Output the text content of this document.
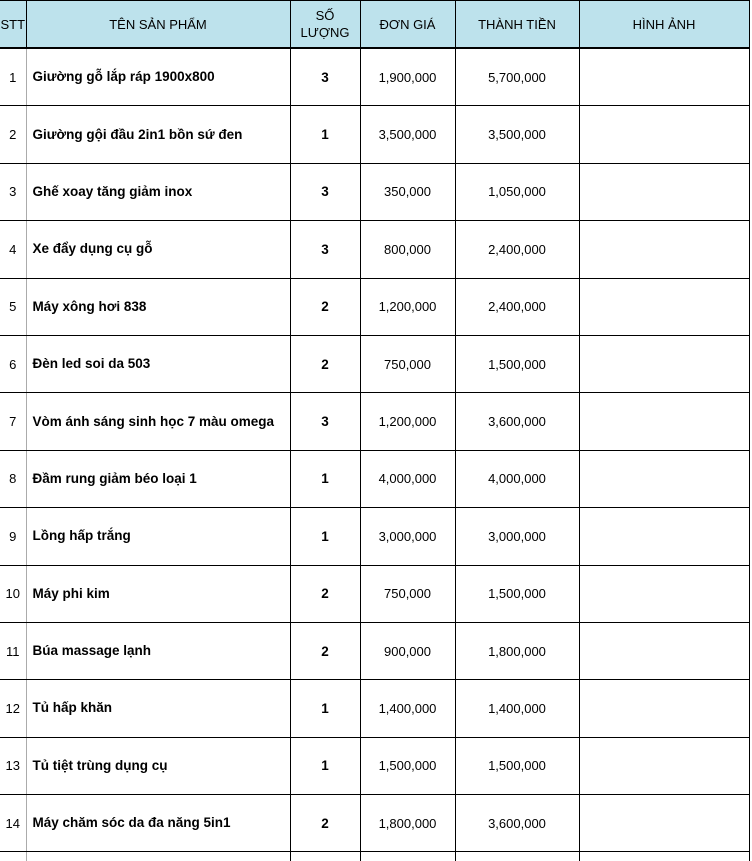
STT	TÊN SẢN PHẨM	SỐ LƯỢNG	ĐƠN GIÁ	THÀNH TIỀN	HÌNH ẢNH
1	Giường gỗ lắp ráp 1900x800	3	1,900,000	5,700,000	
2	Giường gội đầu 2in1 bồn sứ đen	1	3,500,000	3,500,000	
3	Ghế xoay tăng giảm inox	3	350,000	1,050,000	
4	Xe đẩy dụng cụ gỗ	3	800,000	2,400,000	
5	Máy xông hơi 838	2	1,200,000	2,400,000	
6	Đèn led soi da 503	2	750,000	1,500,000	
7	Vòm ánh sáng sinh học 7 màu omega	3	1,200,000	3,600,000	
8	Đầm rung giảm béo loại 1	1	4,000,000	4,000,000	
9	Lồng hấp trắng	1	3,000,000	3,000,000	
10	Máy phi kim	2	750,000	1,500,000	
11	Búa massage lạnh	2	900,000	1,800,000	
12	Tủ hấp khăn	1	1,400,000	1,400,000	
13	Tủ tiệt trùng dụng cụ	1	1,500,000	1,500,000	
14	Máy chăm sóc da đa năng 5in1	2	1,800,000	3,600,000	
